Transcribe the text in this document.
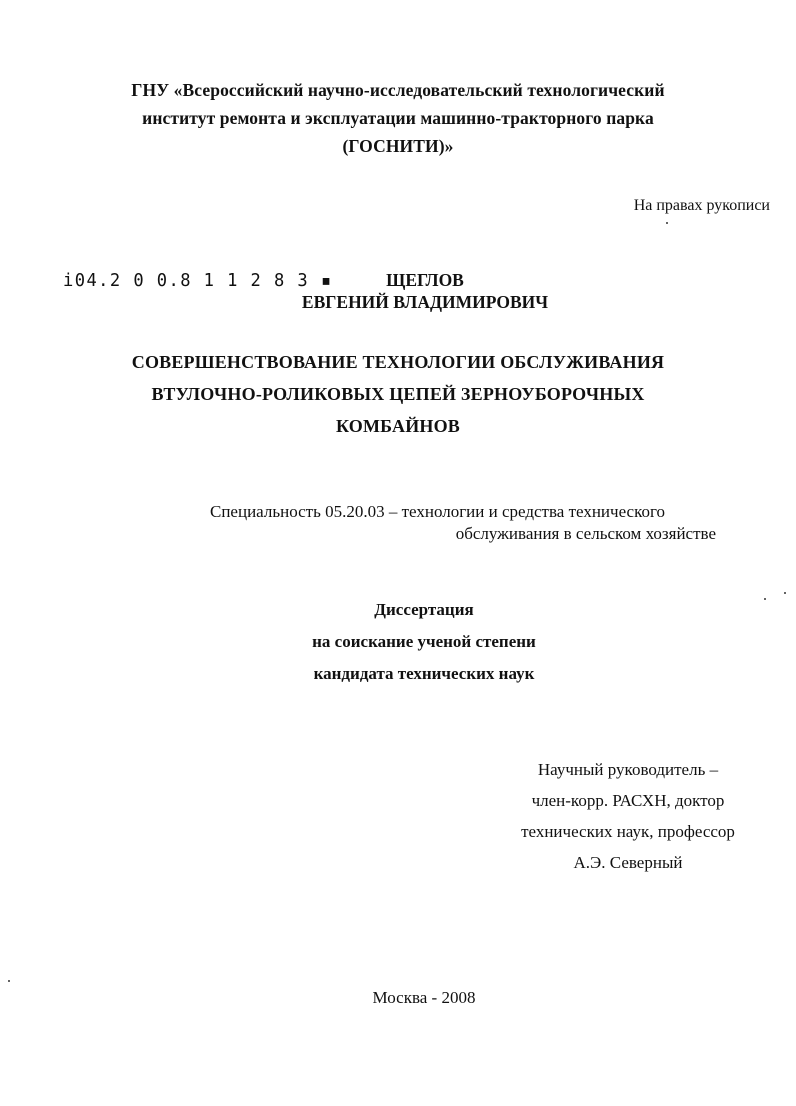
ГНУ «Всероссийский научно-исследовательский технологический
институт ремонта и эксплуатации машинно-тракторного парка
(ГОСНИТИ)»
На правах рукописи
i04.2 0 0.8 1 1 2 8 3 ▪	ЩЕГЛОВ
ЕВГЕНИЙ ВЛАДИМИРОВИЧ
СОВЕРШЕНСТВОВАНИЕ ТЕХНОЛОГИИ ОБСЛУЖИВАНИЯ
ВТУЛОЧНО-РОЛИКОВЫХ ЦЕПЕЙ ЗЕРНОУБОРОЧНЫХ
КОМБАЙНОВ
Специальность 05.20.03 – технологии и средства технического
обслуживания в сельском хозяйстве
Диссертация
на соискание ученой степени
кандидата технических наук
Научный руководитель –
член-корр. РАСХН, доктор
технических наук, профессор
А.Э. Северный
Москва - 2008
